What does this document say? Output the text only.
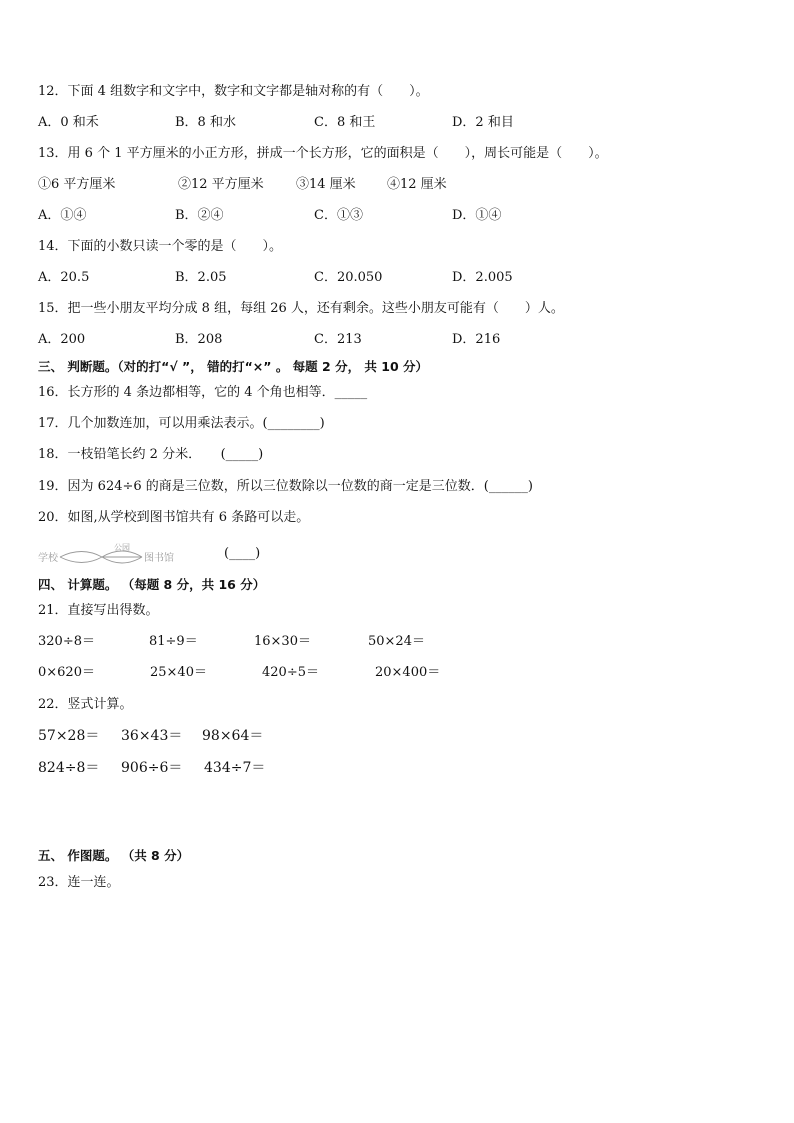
12．下面 4 组数字和文字中，数字和文字都是轴对称的有（　　）。
A．0 和禾	B．8 和水	C．8 和王	D．2 和目
13．用 6 个 1 平方厘米的小正方形，拼成一个长方形，它的面积是（　　），周长可能是（　　）。
①6 平方厘米	②12 平方厘米 ③14 厘米 ④12 厘米
A．①④	B．②④	C．①③	D．①④
14．下面的小数只读一个零的是（　　）。
A．20.5	B．2.05	C．20.050	D．2.005
15．把一些小朋友平均分成 8 组，每组 26 人，还有剩余。这些小朋友可能有（　　）人。
A．200	B．208	C．213	D．216
三、 判断题。（对的打“√ ”， 错的打“×” 。 每题 2 分， 共 10 分）
16．长方形的 4 条边都相等，它的 4 个角也相等．_____
17．几个加数连加，可以用乘法表示。(________)
18．一枝铅笔长约 2 分米．　　(_____)
19．因为 624÷6 的商是三位数，所以三位数除以一位数的商一定是三位数．(______)
20．如图,从学校到图书馆共有 6 条路可以走。
学校
公园
图书馆	(____)
四、 计算题。 （每题 8 分，共 16 分）
21．直接写出得数。
320÷8＝	81÷9＝	16×30＝	50×24＝
0×620＝	25×40＝	420÷5＝	20×400＝
22．竖式计算。
57×28＝ 36×43＝ 98×64＝
824÷8＝ 906÷6＝ 434÷7＝
五、 作图题。 （共 8 分）
23．连一连。
